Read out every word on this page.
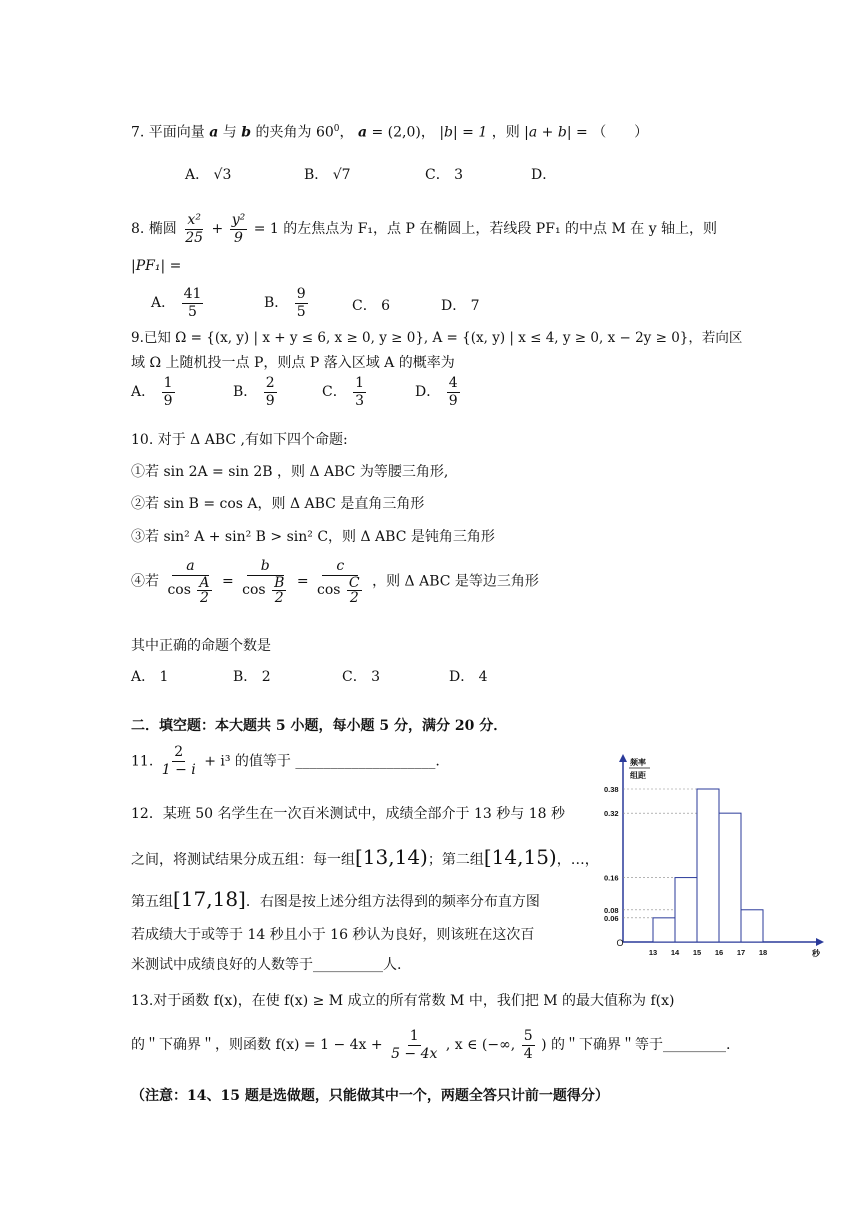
7. 平面向量 a 与 b 的夹角为 $60^0$， a = (2,0)， |b| = 1 ，则 |a + b| = （　　）
A． √3	B． √7	C． 3	D．
8. 椭圆 $\frac{\text{x²}}{25} + \frac{\text{y²}}{9} = 1$ 的左焦点为 F₁，点 P 在椭圆上，若线段 PF₁ 的中点 M 在 y 轴上，则
|PF₁| =
A． $\frac{41}{5}$	B． $\frac{9}{5}$	C． 6	D． 7
9.已知 Ω = {(x, y) | x + y ≤ 6, x ≥ 0, y ≥ 0}, A = {(x, y) | x ≤ 4, y ≥ 0, x − 2y ≥ 0}，若向区
域 Ω 上随机投一点 P，则点 P 落入区域 A 的概率为
A． $\frac{1}{9}$	B． $\frac{2}{9}$	C． $\frac{1}{3}$	D． $\frac{4}{9}$
10. 对于 Δ ABC ,有如下四个命题:
①若 sin 2A = sin 2B ，则 Δ ABC 为等腰三角形,
②若 sin B = cos A，则 Δ ABC 是直角三角形
③若 sin² A + sin² B > sin² C，则 Δ ABC 是钝角三角形
④若 $\frac{a}{\cos \frac{A}{2}} = \frac{b}{\cos \frac{B}{2}} = \frac{c}{\cos \frac{C}{2}}$ ，则 Δ ABC 是等边三角形
其中正确的命题个数是
A． 1	B． 2	C． 3	D． 4
二．填空题：本大题共 5 小题，每小题 5 分，满分 20 分．
11. $\frac{2}{1 - i} + i^3$ 的值等于 ____________________.
12．某班 50 名学生在一次百米测试中，成绩全部介于 13 秒与 18 秒
之间，将测试结果分成五组：每一组[13,14)；第二组[14,15)，…，
第五组[17,18]．右图是按上述分组方法得到的频率分布直方图
若成绩大于或等于 14 秒且小于 16 秒认为良好，则该班在这次百
米测试中成绩良好的人数等于__________人.
频率
组距
秒
O
0.38
0.32
0.16
0.08
0.06
13 14 15 16 17 18
13.对于函数 f(x)，在使 f(x) ≥ M 成立的所有常数 M 中，我们把 M 的最大值称为 f(x)
的＂下确界＂，则函数 $f(x) = 1 - 4x + \frac{1}{5 - 4x}$ , x ∈ (−∞, $\frac{5}{4}$ ) 的＂下确界＂等于_________.
（注意：14、15 题是选做题，只能做其中一个，两题全答只计前一题得分）
